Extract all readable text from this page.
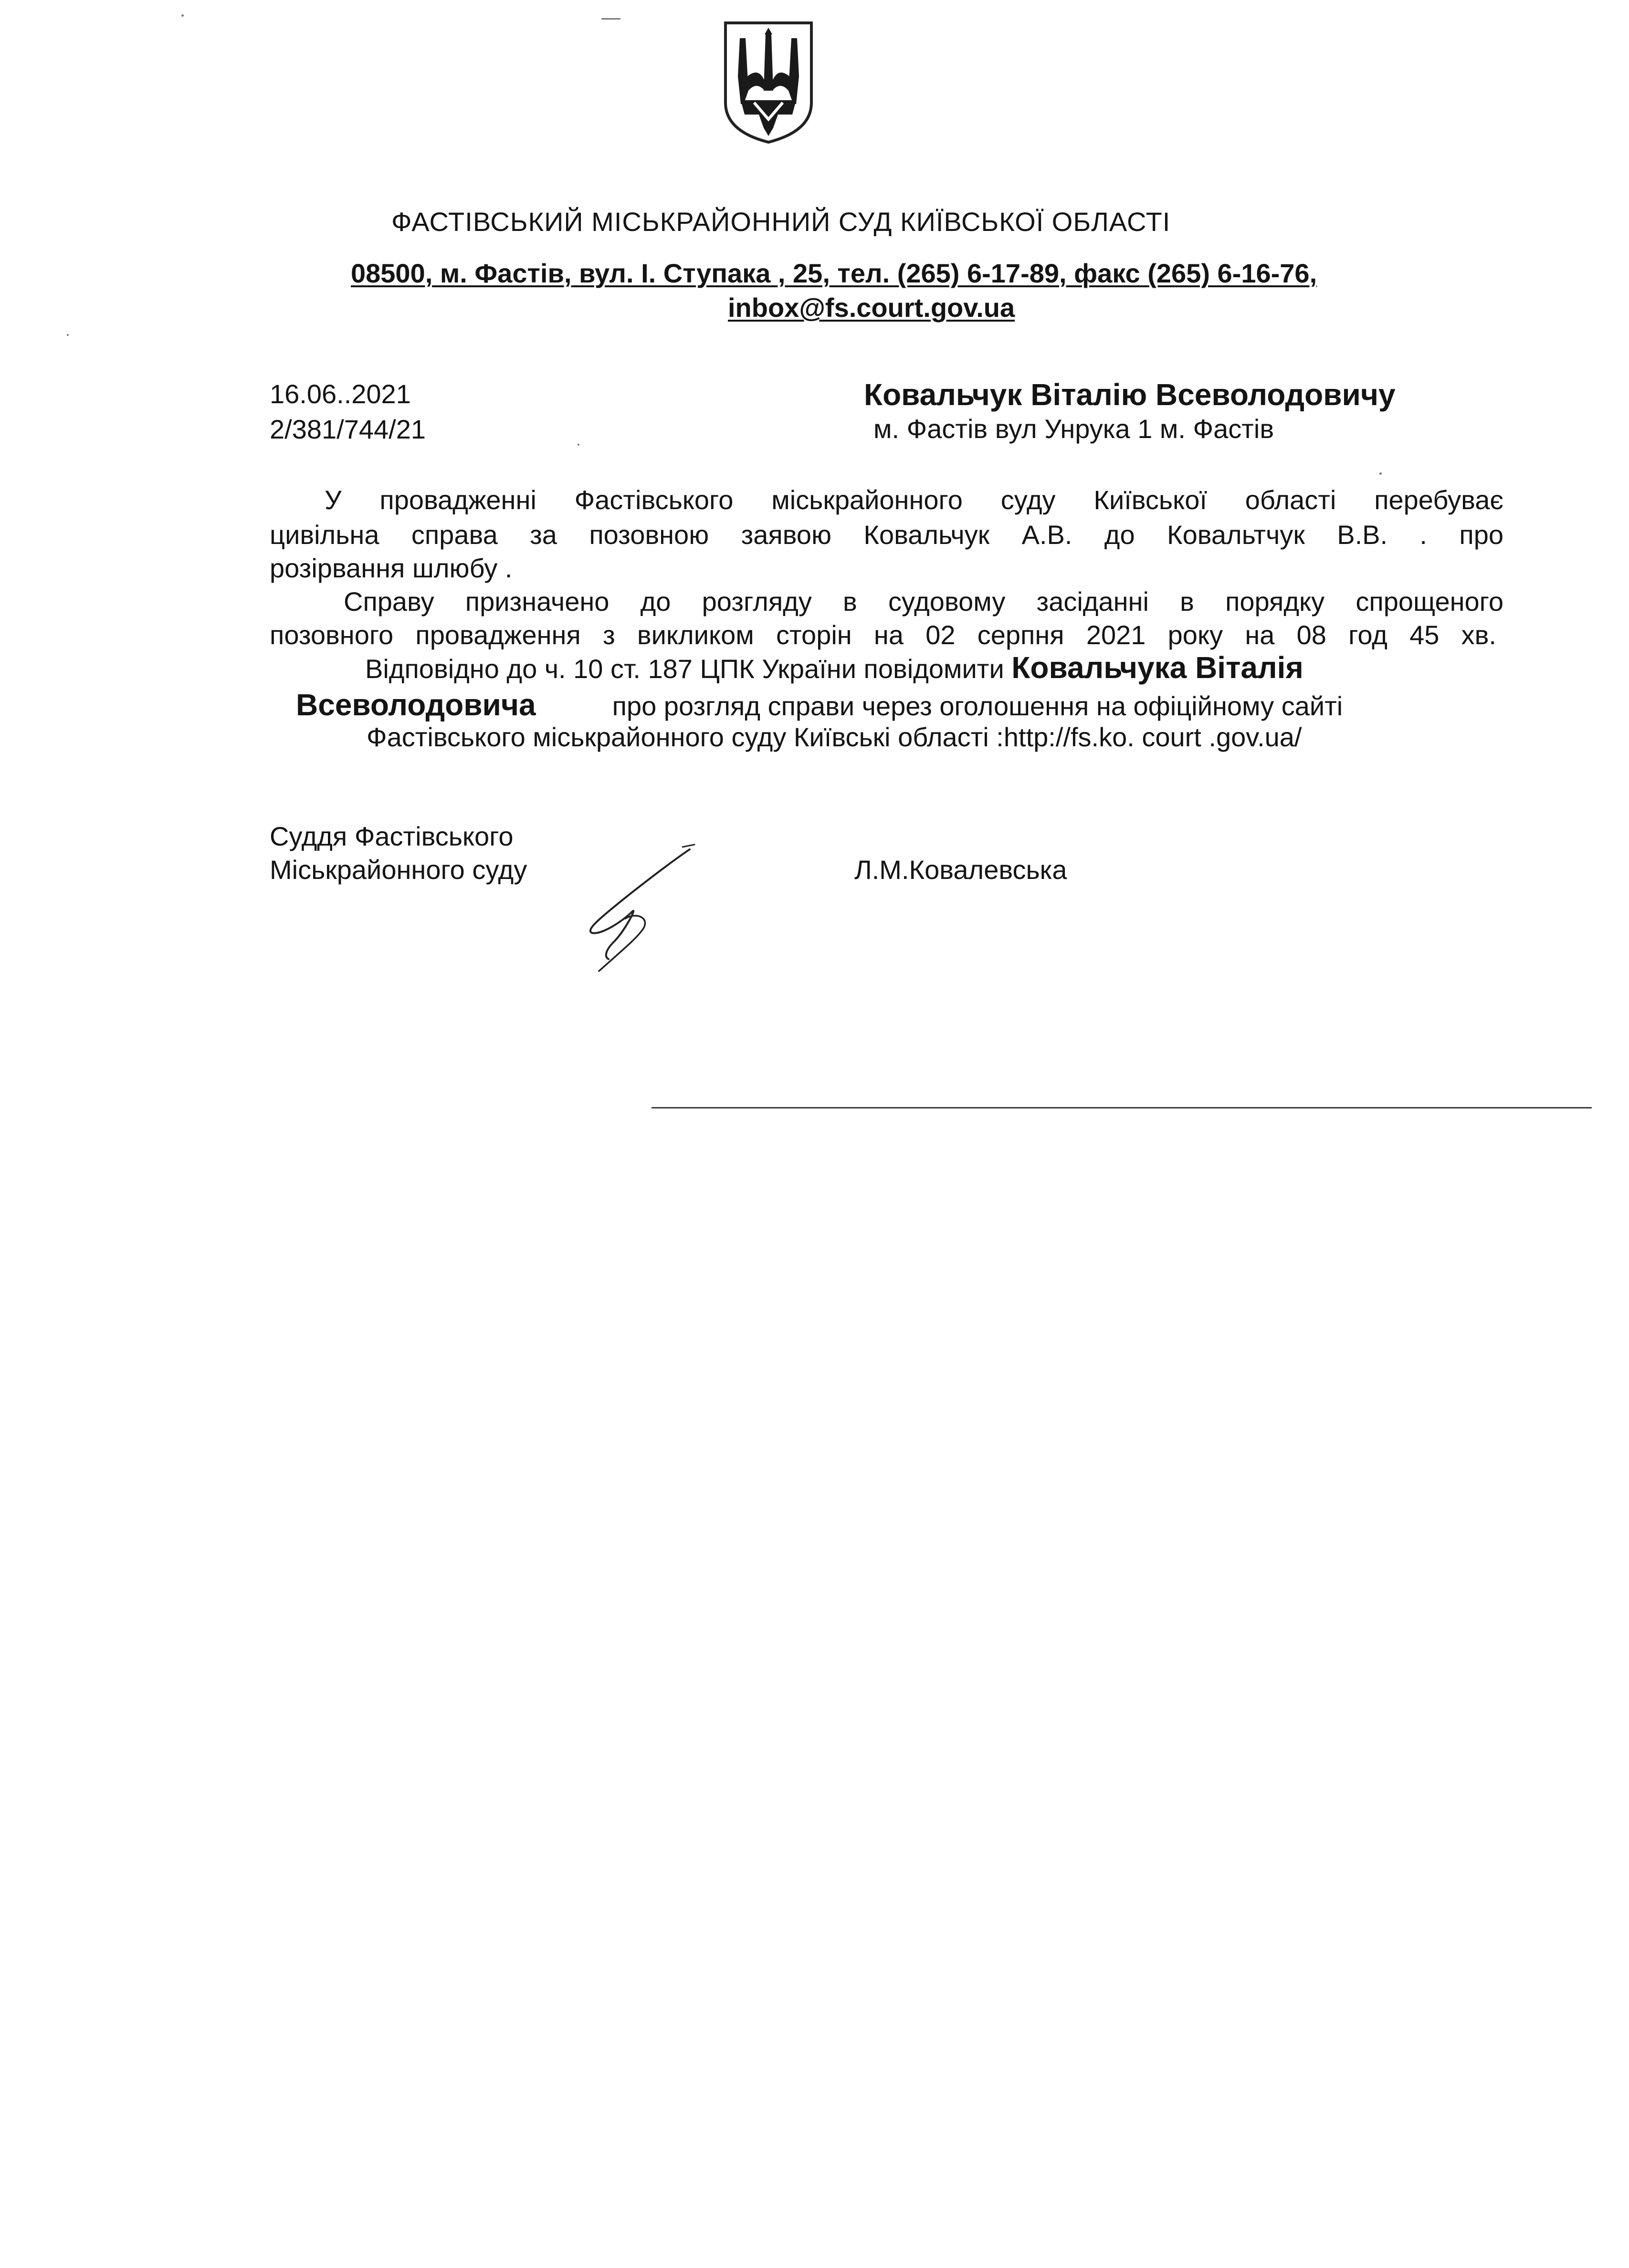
ФАСТІВСЬКИЙ МІСЬКРАЙОННИЙ СУД КИЇВСЬКОЇ ОБЛАСТІ
08500, м. Фастів, вул. І. Ступака , 25, тел. (265) 6-17-89, факс (265) 6-16-76,
inbox@fs.court.gov.ua
16.06..2021
2/381/744/21
Ковальчук Віталію Всеволодовичу
м. Фастів вул Унрука 1 м. Фастів
У провадженні Фастівського міськрайонного суду Київської області перебуває
цивільна справа за позовною заявою Ковальчук А.В. до Ковальтчук В.В. . про
розірвання шлюбу .
Справу призначено до розгляду в судовому засіданні в порядку спрощеного
позовного провадження з викликом сторін на 02 серпня 2021 року на 08 год 45 хв.
Відповідно до ч. 10 ст. 187 ЦПК України повідомити Ковальчука Віталія
Всеволодовича	про розгляд справи через оголошення на офіційному сайті
Фастівського міськрайонного суду Київські області :http://fs.ko. court .gov.ua/
Суддя Фастівського
Міськрайонного суду	Л.М.Ковалевська
